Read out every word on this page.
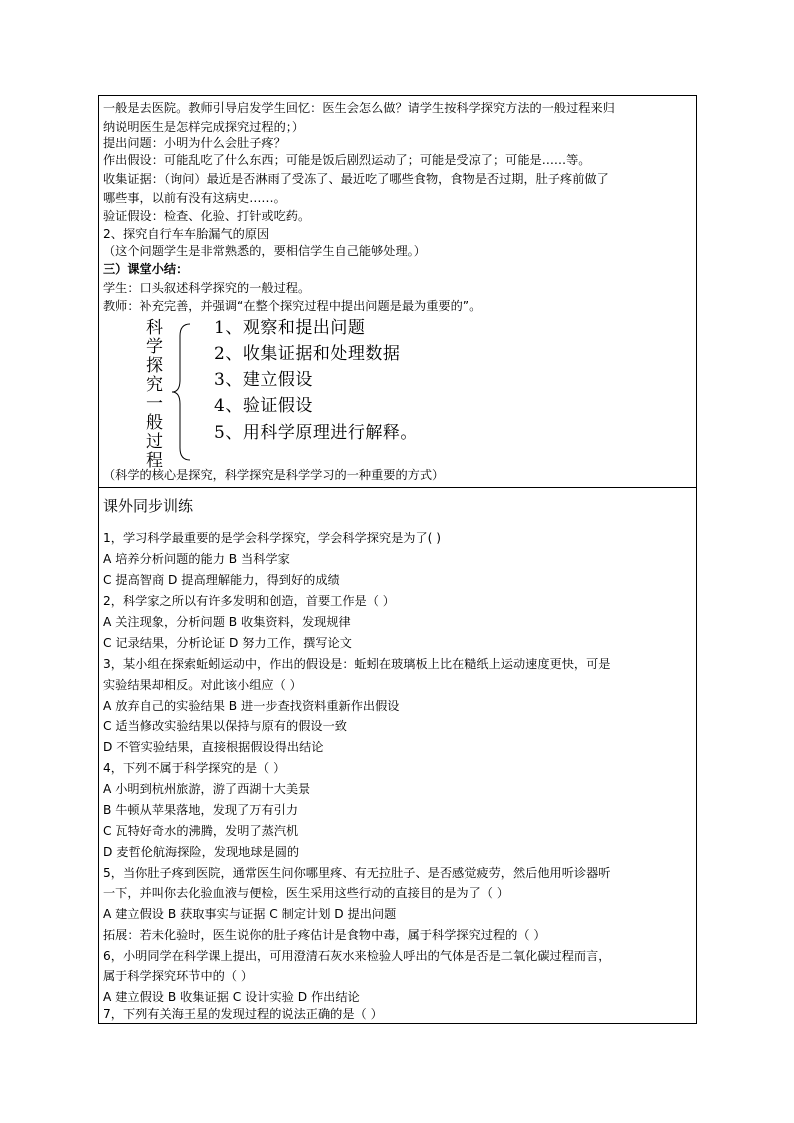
一般是去医院。教师引导启发学生回忆：医生会怎么做？请学生按科学探究方法的一般过程来归
纳说明医生是怎样完成探究过程的；）
提出问题：小明为什么会肚子疼？
作出假设：可能乱吃了什么东西；可能是饭后剧烈运动了；可能是受凉了；可能是……等。
收集证据：（询问）最近是否淋雨了受冻了、最近吃了哪些食物，食物是否过期，肚子疼前做了
哪些事，以前有没有这病史……。
验证假设：检查、化验、打针或吃药。
2、探究自行车车胎漏气的原因
（这个问题学生是非常熟悉的，要相信学生自己能够处理。）
三）课堂小结：
学生：口头叙述科学探究的一般过程。
教师：补充完善，并强调“在整个探究过程中提出问题是最为重要的”。
科
学
探
究
一
般
过
程
1、观察和提出问题
2、收集证据和处理数据
3、建立假设
4、验证假设
5、用科学原理进行解释。
（科学的核心是探究，科学探究是科学学习的一种重要的方式）
课外同步训练
1，学习科学最重要的是学会科学探究，学会科学探究是为了( )
A 培养分析问题的能力 B 当科学家
C 提高智商 D 提高理解能力，得到好的成绩
2，科学家之所以有许多发明和创造，首要工作是（ ）
A 关注现象，分析问题 B 收集资料，发现规律
C 记录结果，分析论证 D 努力工作，撰写论文
3，某小组在探索蚯蚓运动中，作出的假设是：蚯蚓在玻璃板上比在糙纸上运动速度更快，可是
实验结果却相反。对此该小组应（ ）
A 放弃自己的实验结果 B 进一步查找资料重新作出假设
C 适当修改实验结果以保持与原有的假设一致
D 不管实验结果，直接根据假设得出结论
4，下列不属于科学探究的是（ ）
A 小明到杭州旅游，游了西湖十大美景
B 牛顿从苹果落地，发现了万有引力
C 瓦特好奇水的沸腾，发明了蒸汽机
D 麦哲伦航海探险，发现地球是圆的
5，当你肚子疼到医院，通常医生问你哪里疼、有无拉肚子、是否感觉疲劳，然后他用听诊器听
一下，并叫你去化验血液与便检，医生采用这些行动的直接目的是为了（ ）
A 建立假设 B 获取事实与证据 C 制定计划 D 提出问题
拓展：若未化验时，医生说你的肚子疼估计是食物中毒，属于科学探究过程的（ ）
6，小明同学在科学课上提出，可用澄清石灰水来检验人呼出的气体是否是二氧化碳过程而言，
属于科学探究环节中的（ ）
A 建立假设 B 收集证据 C 设计实验 D 作出结论
7，下列有关海王星的发现过程的说法正确的是（ ）
